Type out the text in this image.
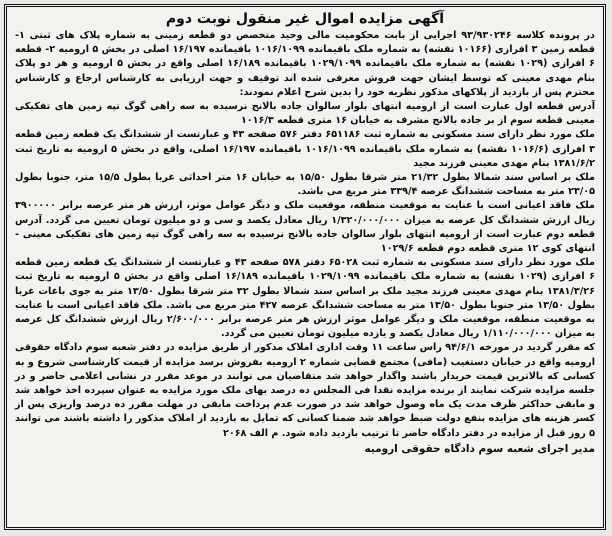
آگهی مزایده اموال غیر منقول نوبت دوم

در پرونده کلاسه ۹۳/۹۳۰۲۴۶ اجرایی از بابت محکومیت مالی وحید متخصص دو قطعه زمینی به شماره پلاک های ثبتی ۱- قطعه زمین ۳ افرازی (۱۰۱۶۶ نقشه) به شماره ملک باقیمانده ۱۰۱۶/۱۰۹۹ باقیمانده ۱۶/۱۹۷ اصلی در بخش ۵ ارومیه ۲- قطعه ۶ افرازی (۱۰۲۹ نقشه) به شماره ملک باقیمانده ۱۰۲۹/۱۰۹۹ باقیمانده ۱۶/۱۸۹ اصلی واقع در بخش ۵ ارومیه و هر دو پلاک بنام مهدی معینی که توسط ایشان جهت فروش معرفی شده اند توقیف و جهت ارزیابی به کارشناس ارجاع و کارشناس محترم پس از بازدید از پلاکهای مذکور نظریه خود را بدین شرح اعلام نمودند:

آدرس قطعه اول عبارت است از ارومیه انتهای بلوار سالوان جاده بالانج نرسیده به سه راهی گوگ تپه زمین های تفکیکی معینی قطعه سوم از بر جاده بالانج مشرف به خیابان ۱۶ متری قطعه ۱۰۱۶/۳

ملک مورد نظر دارای سند مسکونی به شماره ثبت ۶۵۱۱۸۶ دفتر ۵۷۶ صفحه ۴۳ و عبارتست از ششدانگ یک قطعه زمین قطعه ۳ افرازی (۱۰۱۶/۶ نقشه) به شماره ملک باقیمانده ۱۰۱۶/۱۰۹۹ باقیمانده ۱۶/۱۹۷ اصلی، واقع در بخش ۵ ارومیه به تاریخ ثبت ۱۳۸۱/۶/۲ بنام مهدی معینی فرزند مجید

ملک بر اساس سند شمالا بطول ۲۱/۳۲ متر شرقا بطول ۱۵/۵۰ به خیابان ۱۶ متر احداثی غربا بطول ۱۵/۵ متر، جنوبا بطول ۲۳/۰۵ متر به مساحت ششدانگ عرصه ۳۳۹/۴ متر مربع می باشد.

ملک فاقد اعیانی است با عنایت به موقعیت منطقه، موقعیت ملک و دیگر عوامل موثر، ارزش هر متر عرصه برابر ۳۹۰۰۰۰۰ ریال ارزش ششدانگ کل عرصه به میزان ۱/۳۲۰/۰۰۰/۰۰۰ ریال معادل یکصد و سی و دو میلیون تومان تعیین می گردد. آدرس قطعه دوم عبارت است از ارومیه انتهای بلوار سالوان جاده بالانج نرسیده به سه راهی گوگ تپه زمین های تفکیکی معینی - انتهای کوی ۱۲ متری قطعه دوم قطعه ۱۰۲۹/۶

ملک مورد نظر دارای سند مسکونی به شماره ثبت ۶۵۰۲۸ دفتر ۵۷۸ صفحه ۴۳ و عبارتست از ششدانگ یک قطعه زمین قطعه ۶ افرازی (۱۰۲۹ نقشه) به شماره ملک باقیمانده ۱۰۲۹/۱۰۹۹ باقیمانده ۱۶/۱۸۹ اصلی واقع در بخش ۵ ارومیه به تاریخ ثبت ۱۳۸۱/۳/۲۶ بنام مهدی معینی فرزند مجید ملک بر اساس سند شمالا بطول ۳۲ متر شرقا بطول ۱۳/۵۰ متر به جوی باغات غربا بطول ۱۳/۵۰ متر جنوبا بطول ۱۳/۵۰ متر به مساحت ششدانگ عرصه ۴۲۷ متر مربع می باشد. ملک فاقد اعیانی است با عنایت به موقعیت منطقه، موقعیت ملک و دیگر عوامل موثر ارزش هر متر عرصه برابر ۲/۶۰۰/۰۰۰ ریال ارزش ششدانگ کل عرصه به میزان ۱/۱۱۰/۰۰۰/۰۰۰ ریال معادل یکصد و یازده میلیون تومان تعیین می گردد.

که مقرر گردید در مورخه ۹۴/۶/۱ راس ساعت ۱۱ وقت اداری املاک مذکور از طریق مزایده در دفتر شعبه سوم دادگاه حقوقی ارومیه واقع در خیابان دستغیب (مافی) مجتمع قضایی شماره ۲ ارومیه بفروش برسد مزایده از قیمت کارشناسی شروع و به کسانی که بالاترین قیمت خریدار باشند واگذار خواهد شد متقاضیان می توانند در موعد مقرر در نشانی اعلامی حاضر و در جلسه مزایده شرکت نمایند از برنده مزایده نقدا فی المجلس ده درصد بهای ملک مورد مزایده به عنوان سپرده اخذ خواهد شد و مابقی حداکثر ظرف مدت یک ماه وصول خواهد شد در صورت عدم پرداخت مابقی در مهلت مقرر ده درصد واریزی پس از کسر هزینه های مزایده بنفع دولت ضبط خواهد شد ضمنا کسانی که تمایل به بازدید از املاک مذکور را داشته باشند می توانند ۵ روز قبل از مزایده در دفتر دادگاه حاضر تا ترتیب بازدید داده شود. م الف ۲۰۶۸

مدیر اجرای شعبه سوم دادگاه حقوقی ارومیه
